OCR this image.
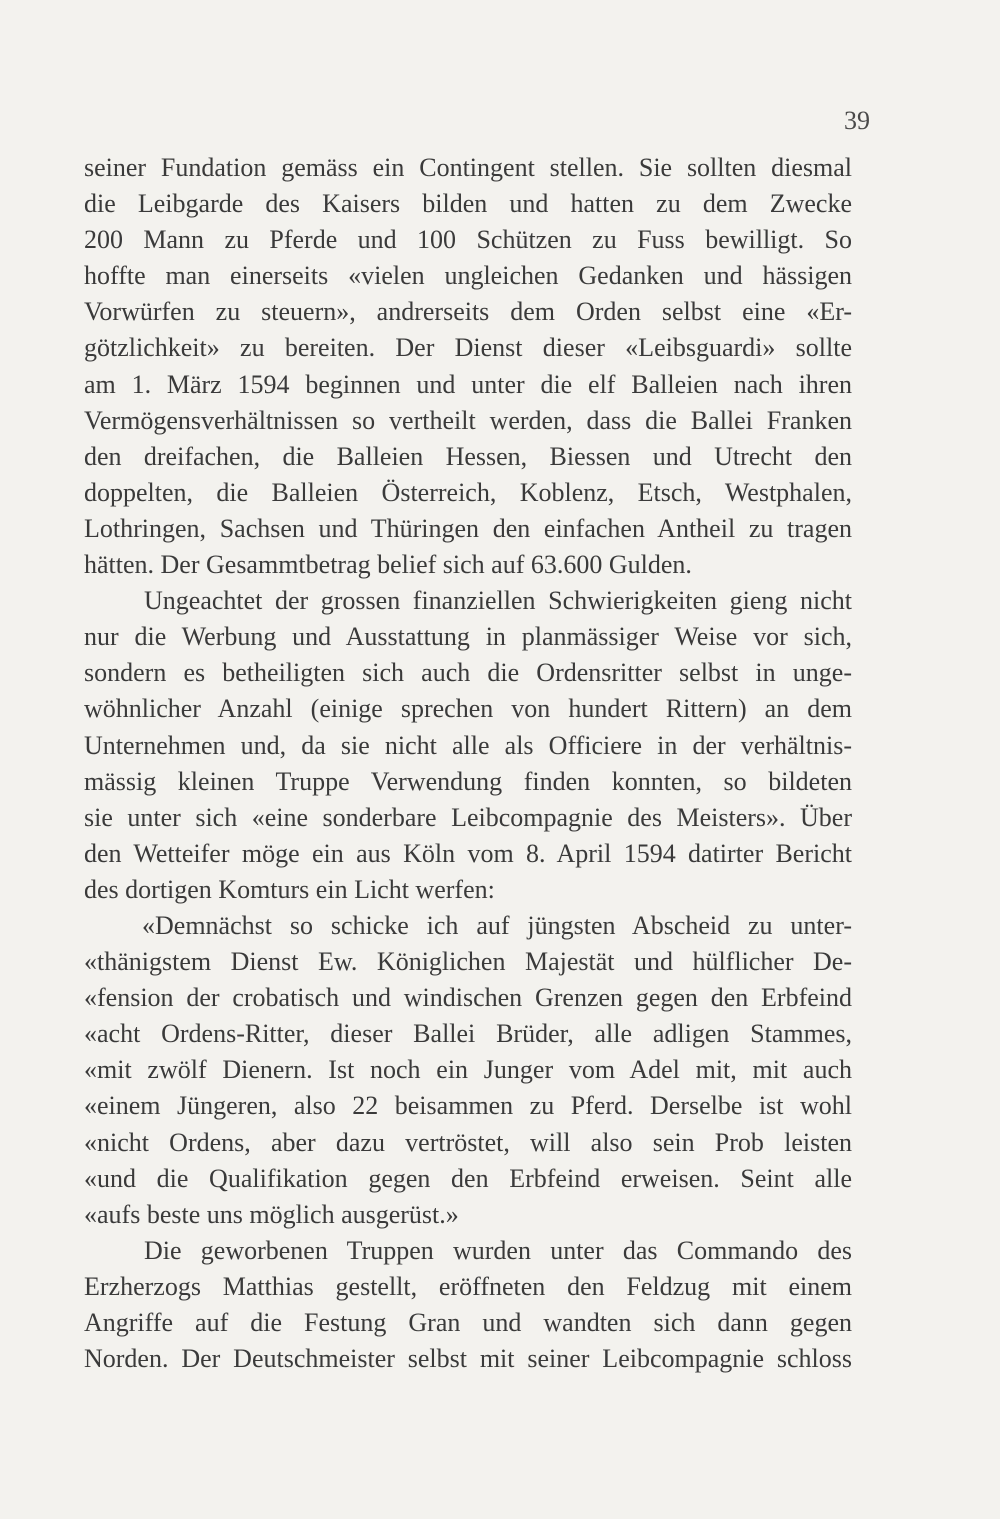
39
seiner Fundation gemäss ein Contingent stellen. Sie sollten diesmal
die Leibgarde des Kaisers bilden und hatten zu dem Zwecke
200 Mann zu Pferde und 100 Schützen zu Fuss bewilligt. So
hoffte man einerseits «vielen ungleichen Gedanken und hässigen
Vorwürfen zu steuern», andrerseits dem Orden selbst eine «Er-
götzlichkeit» zu bereiten. Der Dienst dieser «Leibsguardi» sollte
am 1. März 1594 beginnen und unter die elf Balleien nach ihren
Vermögensverhältnissen so vertheilt werden, dass die Ballei Franken
den dreifachen, die Balleien Hessen, Biessen und Utrecht den
doppelten, die Balleien Österreich, Koblenz, Etsch, Westphalen,
Lothringen, Sachsen und Thüringen den einfachen Antheil zu tragen
hätten. Der Gesammtbetrag belief sich auf 63.600 Gulden.
Ungeachtet der grossen finanziellen Schwierigkeiten gieng nicht
nur die Werbung und Ausstattung in planmässiger Weise vor sich,
sondern es betheiligten sich auch die Ordensritter selbst in unge-
wöhnlicher Anzahl (einige sprechen von hundert Rittern) an dem
Unternehmen und, da sie nicht alle als Officiere in der verhältnis-
mässig kleinen Truppe Verwendung finden konnten, so bildeten
sie unter sich «eine sonderbare Leibcompagnie des Meisters». Über
den Wetteifer möge ein aus Köln vom 8. April 1594 datirter Bericht
des dortigen Komturs ein Licht werfen:
«Demnächst so schicke ich auf jüngsten Abscheid zu unter-
«thänigstem Dienst Ew. Königlichen Majestät und hülflicher De-
«fension der crobatisch und windischen Grenzen gegen den Erbfeind
«acht Ordens-Ritter, dieser Ballei Brüder, alle adligen Stammes,
«mit zwölf Dienern. Ist noch ein Junger vom Adel mit, mit auch
«einem Jüngeren, also 22 beisammen zu Pferd. Derselbe ist wohl
«nicht Ordens, aber dazu vertröstet, will also sein Prob leisten
«und die Qualifikation gegen den Erbfeind erweisen. Seint alle
«aufs beste uns möglich ausgerüst.»
Die geworbenen Truppen wurden unter das Commando des
Erzherzogs Matthias gestellt, eröffneten den Feldzug mit einem
Angriffe auf die Festung Gran und wandten sich dann gegen
Norden. Der Deutschmeister selbst mit seiner Leibcompagnie schloss
